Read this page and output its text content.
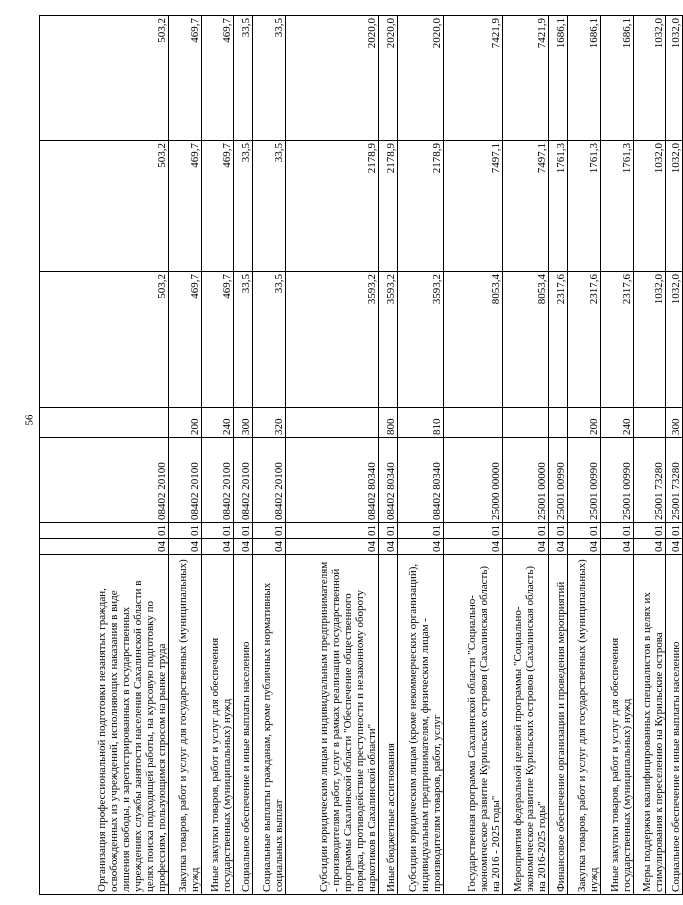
56
Организация профессиональной подготовки незанятых граждан, освобожденных из учреждений, исполняющих наказания в виде лишения свободы, и зарегистрированных в государственных учреждениях службы занятости населения Сахалинской области в целях поиска подходящей работы, на курсовую подготовку по профессиям, пользующимся спросом на рынке труда	04	01	08402 20100		503,2	503,2	503,2
Закупка товаров, работ и услуг для государственных (муниципальных) нужд	04	01	08402 20100	200	469,7	469,7	469,7
Иные закупки товаров, работ и услуг для обеспечения государственных (муниципальных) нужд	04	01	08402 20100	240	469,7	469,7	469,7
Социальное обеспечение и иные выплаты населению	04	01	08402 20100	300	33,5	33,5	33,5
Социальные выплаты гражданам, кроме публичных нормативных социальных выплат	04	01	08402 20100	320	33,5	33,5	33,5
Субсидии юридическим лицам и индивидуальным предпринимателям - производителям работ, услуг в рамках реализации государственной программы Сахалинской области "Обеспечение общественного порядка, противодействие преступности и незаконному обороту наркотиков в Сахалинской области"	04	01	08402 80340		3593,2	2178,9	2020,0
Иные бюджетные ассигнования	04	01	08402 80340	800	3593,2	2178,9	2020,0
Субсидии юридическим лицам (кроме некоммерческих организаций), индивидуальным предпринимателям, физическим лицам - производителям товаров, работ, услуг	04	01	08402 80340	810	3593,2	2178,9	2020,0
Государственная программа Сахалинской области "Социально-экономическое развитие Курильских островов (Сахалинская область) на 2016 - 2025 годы"	04	01	25000 00000		8053,4	7497,1	7421,9
Мероприятия федеральной целевой программы "Социально-экономическое развитие Курильских островов (Сахалинская область) на 2016-2025 годы"	04	01	25001 00000		8053,4	7497,1	7421,9
Финансовое обеспечение организации и проведения мероприятий	04	01	25001 00990		2317,6	1761,3	1686,1
Закупка товаров, работ и услуг для государственных (муниципальных) нужд	04	01	25001 00990	200	2317,6	1761,3	1686,1
Иные закупки товаров, работ и услуг для обеспечения государственных (муниципальных) нужд	04	01	25001 00990	240	2317,6	1761,3	1686,1
Меры поддержки квалифицированных специалистов в целях их стимулирования к переселению на Курильские острова	04	01	25001 73280		1032,0	1032,0	1032,0
Социальное обеспечение и иные выплаты населению	04	01	25001 73280	300	1032,0	1032,0	1032,0
